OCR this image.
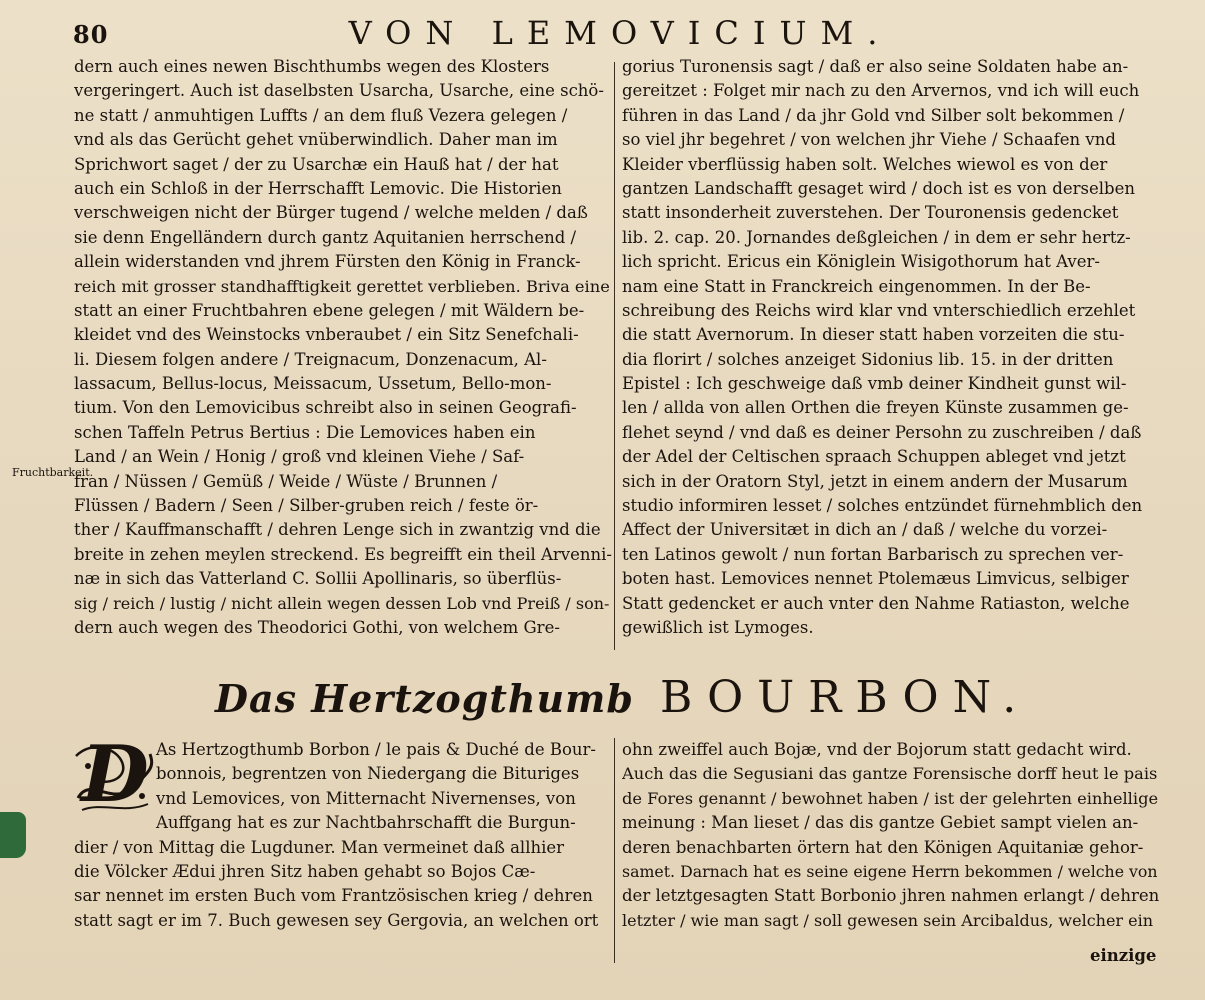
80	VON LEMOVICIUM.
Fruchtbarkeit.
dern auch eines newen Bischthumbs wegen des Klosters
vergeringert. Auch ist daselbsten Usarcha, Usarche, eine schö-
ne statt / anmuhtigen Luffts / an dem fluß Vezera gelegen /
vnd als das Gerücht gehet vnüberwindlich. Daher man im
Sprichwort saget / der zu Usarchæ ein Hauß hat / der hat
auch ein Schloß in der Herrschafft Lemovic. Die Historien
verschweigen nicht der Bürger tugend / welche melden / daß
sie denn Engelländern durch gantz Aquitanien herrschend /
allein widerstanden vnd jhrem Fürsten den König in Franck-
reich mit grosser standhafftigkeit gerettet verblieben. Briva eine
statt an einer Fruchtbahren ebene gelegen / mit Wäldern be-
kleidet vnd des Weinstocks vnberaubet / ein Sitz Senefchali-
li. Diesem folgen andere / Treignacum, Donzenacum, Al-
lassacum, Bellus-locus, Meissacum, Ussetum, Bello-mon-
tium. Von den Lemovicibus schreibt also in seinen Geografi-
schen Taffeln Petrus Bertius : Die Lemovices haben ein
Land / an Wein / Honig / groß vnd kleinen Viehe / Saf-
fran / Nüssen / Gemüß / Weide / Wüste / Brunnen /
Flüssen / Badern / Seen / Silber-gruben reich / feste ör-
ther / Kauffmanschafft / dehren Lenge sich in zwantzig vnd die
breite in zehen meylen streckend. Es begreifft ein theil Arvenni-
næ in sich das Vatterland C. Sollii Apollinaris, so überflüs-
sig / reich / lustig / nicht allein wegen dessen Lob vnd Preiß / son-
dern auch wegen des Theodorici Gothi, von welchem Gre-
gorius Turonensis sagt / daß er also seine Soldaten habe an-
gereitzet : Folget mir nach zu den Arvernos, vnd ich will euch
führen in das Land / da jhr Gold vnd Silber solt bekommen /
so viel jhr begehret / von welchen jhr Viehe / Schaafen vnd
Kleider vberflüssig haben solt. Welches wiewol es von der
gantzen Landschafft gesaget wird / doch ist es von derselben
statt insonderheit zuverstehen. Der Touronensis gedencket
lib. 2. cap. 20. Jornandes deßgleichen / in dem er sehr hertz-
lich spricht. Ericus ein Königlein Wisigothorum hat Aver-
nam eine Statt in Franckreich eingenommen. In der Be-
schreibung des Reichs wird klar vnd vnterschiedlich erzehlet
die statt Avernorum. In dieser statt haben vorzeiten die stu-
dia florirt / solches anzeiget Sidonius lib. 15. in der dritten
Epistel : Ich geschweige daß vmb deiner Kindheit gunst wil-
len / allda von allen Orthen die freyen Künste zusammen ge-
flehet seynd / vnd daß es deiner Persohn zu zuschreiben / daß
der Adel der Celtischen spraach Schuppen ableget vnd jetzt
sich in der Oratorn Styl, jetzt in einem andern der Musarum
studio informiren lesset / solches entzündet fürnehmblich den
Affect der Universitæt in dich an / daß / welche du vorzei-
ten Latinos gewolt / nun fortan Barbarisch zu sprechen ver-
boten hast. Lemovices nennet Ptolemæus Limvicus, selbiger
Statt gedencket er auch vnter den Nahme Ratiaston, welche
gewißlich ist Lymoges.
Das Hertzogthumb BOURBON.
D As Hertzogthumb Borbon / le pais & Duché de Bour-
bonnois, begrentzen von Niedergang die Bituriges
vnd Lemovices, von Mitternacht Nivernenses, von
Auffgang hat es zur Nachtbahrschafft die Burgun-
dier / von Mittag die Lugduner. Man vermeinet daß allhier
die Völcker Ædui jhren Sitz haben gehabt so Bojos Cæ-
sar nennet im ersten Buch vom Frantzösischen krieg / dehren
statt sagt er im 7. Buch gewesen sey Gergovia, an welchen ort
ohn zweiffel auch Bojæ, vnd der Bojorum statt gedacht wird.
Auch das die Segusiani das gantze Forensische dorff heut le pais
de Fores genannt / bewohnet haben / ist der gelehrten einhellige
meinung : Man lieset / das dis gantze Gebiet sampt vielen an-
deren benachbarten örtern hat den Königen Aquitaniæ gehor-
samet. Darnach hat es seine eigene Herrn bekommen / welche von
der letztgesagten Statt Borbonio jhren nahmen erlangt / dehren
letzter / wie man sagt / soll gewesen sein Arcibaldus, welcher ein
einzige
